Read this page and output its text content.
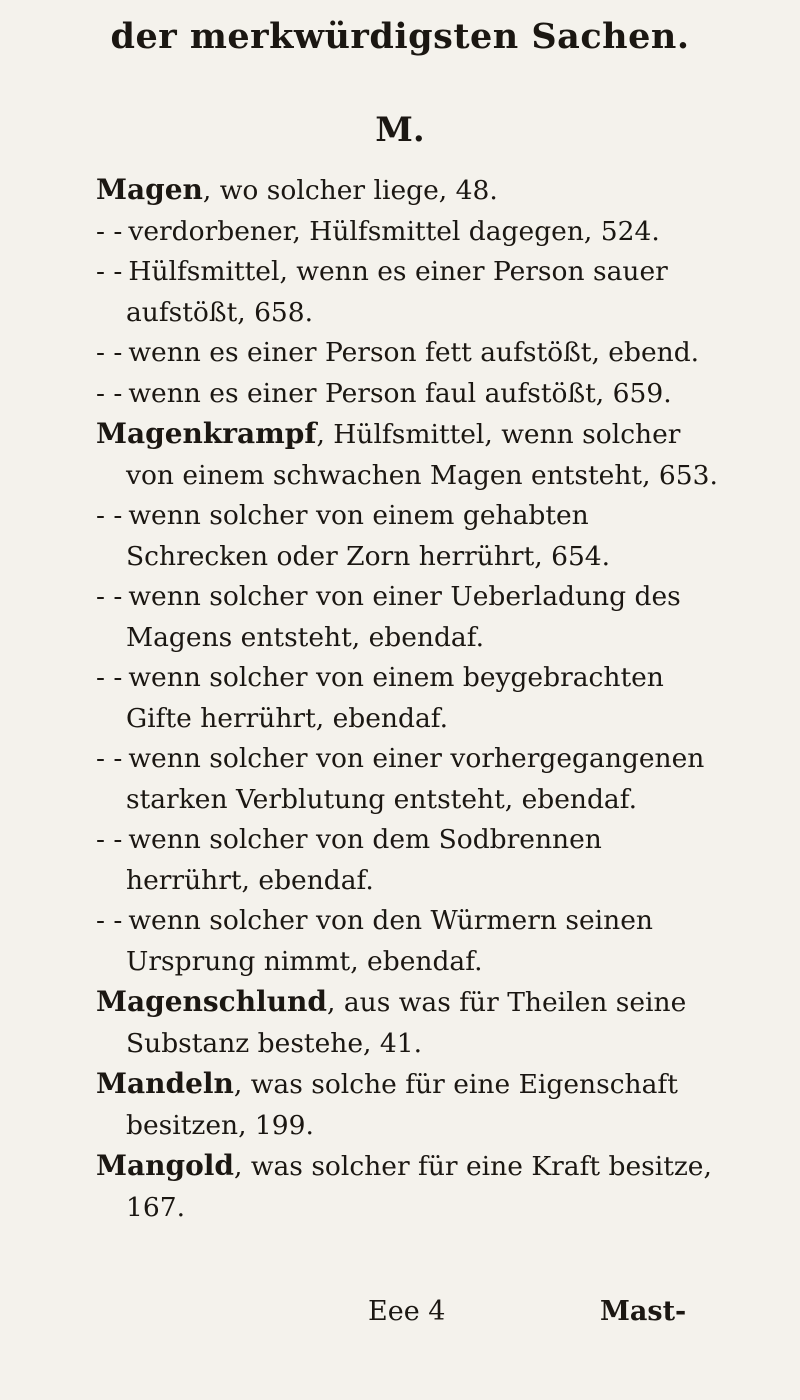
der merkwürdigsten Sachen.
M.

Magen, wo solcher liege, 48.

- - verdorbener, Hülfsmittel dagegen, 524.

- - Hülfsmittel, wenn es einer Person sauer aufstößt, 658.

- - wenn es einer Person fett aufstößt, ebend.

- - wenn es einer Person faul aufstößt, 659.

Magenkrampf, Hülfsmittel, wenn solcher von einem schwachen Magen entsteht, 653.

- - wenn solcher von einem gehabten Schrecken oder Zorn herrührt, 654.

- - wenn solcher von einer Ueberladung des Magens entsteht, ebendaf.

- - wenn solcher von einem beygebrachten Gifte herrührt, ebendaf.

- - wenn solcher von einer vorhergegangenen starken Verblutung entsteht, ebendaf.

- - wenn solcher von dem Sodbrennen herrührt, ebendaf.

- - wenn solcher von den Würmern seinen Ursprung nimmt, ebendaf.

Magenschlund, aus was für Theilen seine Substanz bestehe, 41.

Mandeln, was solche für eine Eigenschaft besitzen, 199.

Mangold, was solcher für eine Kraft besitze, 167.

Eee 4	Mast-
